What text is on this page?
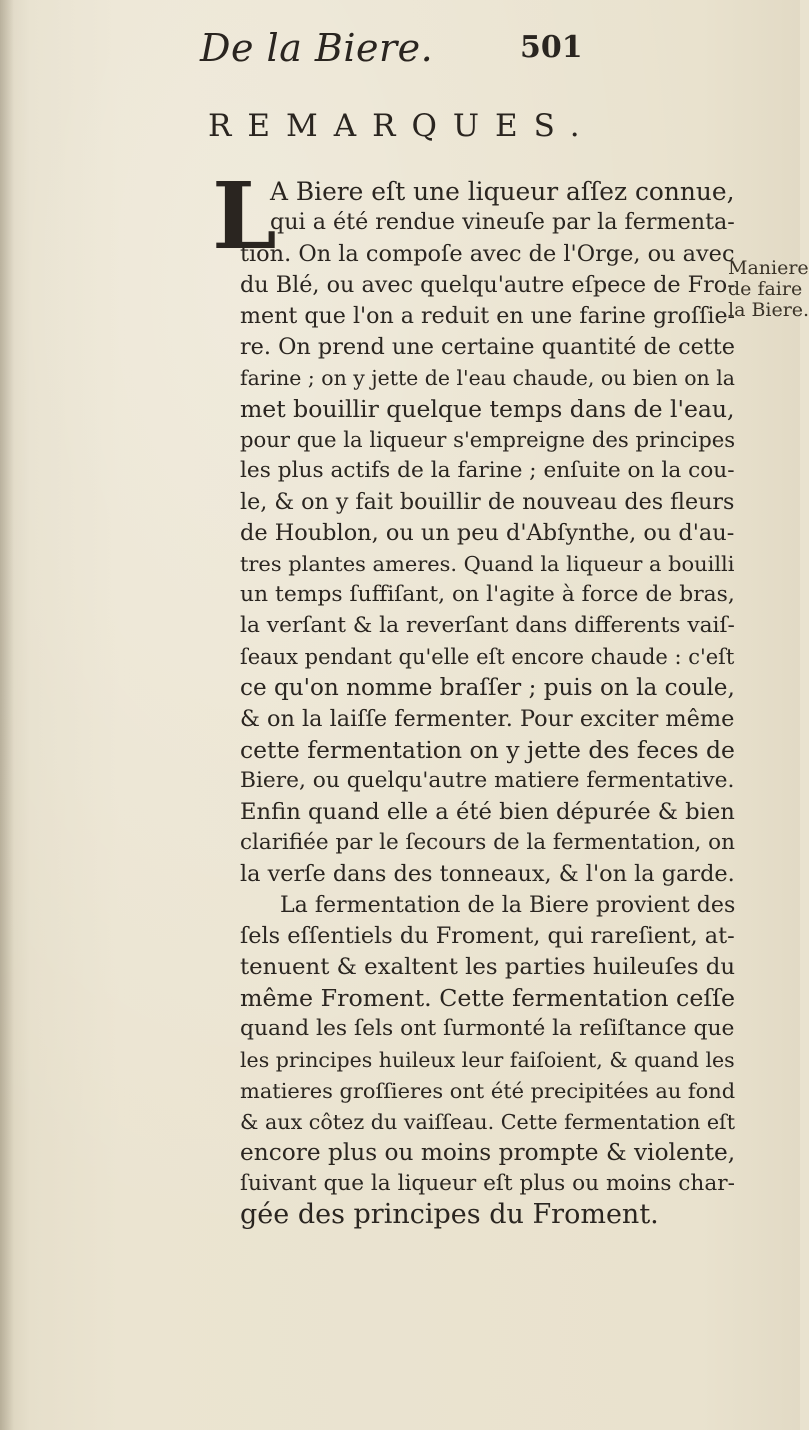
De la Biere.	501
REMARQUES.
L
A Biere eſt une liqueur aſſez connue,
qui a été rendue vineuſe par la fermenta-
tion. On la compoſe avec de l'Orge, ou avec
du Blé, ou avec quelqu'autre eſpece de Fro-
ment que l'on a reduit en une farine groſſie-
re. On prend une certaine quantité de cette
farine ; on y jette de l'eau chaude, ou bien on la
met bouillir quelque temps dans de l'eau,
pour que la liqueur s'empreigne des principes
les plus actifs de la farine ; enſuite on la cou-
le, & on y fait bouillir de nouveau des fleurs
de Houblon, ou un peu d'Abſynthe, ou d'au-
tres plantes ameres. Quand la liqueur a bouilli
un temps ſuffiſant, on l'agite à force de bras,
la verſant & la reverſant dans differents vaiſ-
ſeaux pendant qu'elle eſt encore chaude : c'eſt
ce qu'on nomme braſſer ; puis on la coule,
& on la laiſſe fermenter. Pour exciter même
cette fermentation on y jette des feces de
Biere, ou quelqu'autre matiere fermentative.
Enfin quand elle a été bien dépurée & bien
clarifiée par le ſecours de la fermentation, on
la verſe dans des tonneaux, & l'on la garde.
La fermentation de la Biere provient des
ſels eſſentiels du Froment, qui rareſient, at-
tenuent & exaltent les parties huileuſes du
même Froment. Cette fermentation ceſſe
quand les ſels ont ſurmonté la reſiſtance que
les principes huileux leur faiſoient, & quand les
matieres groſſieres ont été precipitées au fond
& aux côtez du vaiſſeau. Cette fermentation eſt
encore plus ou moins prompte & violente,
ſuivant que la liqueur eſt plus ou moins char-
gée des principes du Froment.
Maniere
de faire
la Biere.
